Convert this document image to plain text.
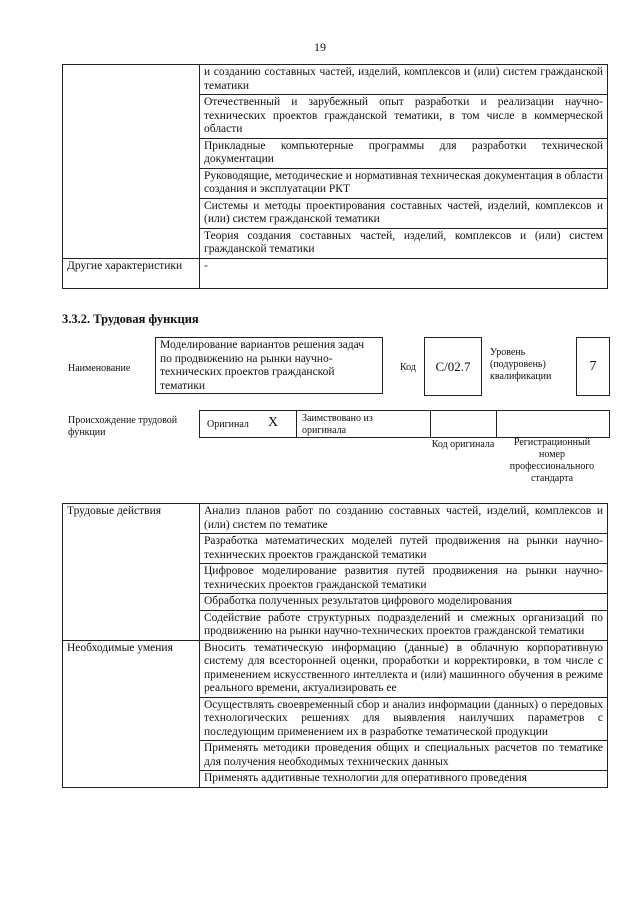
19
	и созданию составных частей, изделий, комплексов и (или) систем гражданской тематики
	Отечественный и зарубежный опыт разработки и реализации научно-технических проектов гражданской тематики, в том числе в коммерческой области
	Прикладные компьютерные программы для разработки технической документации
	Руководящие, методические и нормативная техническая документация в области создания и эксплуатации РКТ
	Системы и методы проектирования составных частей, изделий, комплексов и (или) систем гражданской тематики
	Теория создания составных частей, изделий, комплексов и (или) систем гражданской тематики
Другие характеристики	-
3.3.2. Трудовая функция
Наименование
Моделирование вариантов решения задач по продвижению на рынки научно-технических проектов гражданской тематики
Код	С/02.7
Уровень (подуровень) квалификации
7
Происхождение трудовой функции
Оригинал X Заимствовано из оригинала
Код оригинала	Регистрационный номер профессионального стандарта
Трудовые действия	Анализ планов работ по созданию составных частей, изделий, комплексов и (или) систем по тематике
	Разработка математических моделей путей продвижения на рынки научно-технических проектов гражданской тематики
	Цифровое моделирование развития путей продвижения на рынки научно-технических проектов гражданской тематики
	Обработка полученных результатов цифрового моделирования
	Содействие работе структурных подразделений и смежных организаций по продвижению на рынки научно-технических проектов гражданской тематики
Необходимые умения	Вносить тематическую информацию (данные) в облачную корпоративную систему для всесторонней оценки, проработки и корректировки, в том числе с применением искусственного интеллекта и (или) машинного обучения в режиме реального времени, актуализировать ее
	Осуществлять своевременный сбор и анализ информации (данных) о передовых технологических решениях для выявления наилучших параметров с последующим применением их в разработке тематической продукции
	Применять методики проведения общих и специальных расчетов по тематике для получения необходимых технических данных
	Применять аддитивные технологии для оперативного проведения
